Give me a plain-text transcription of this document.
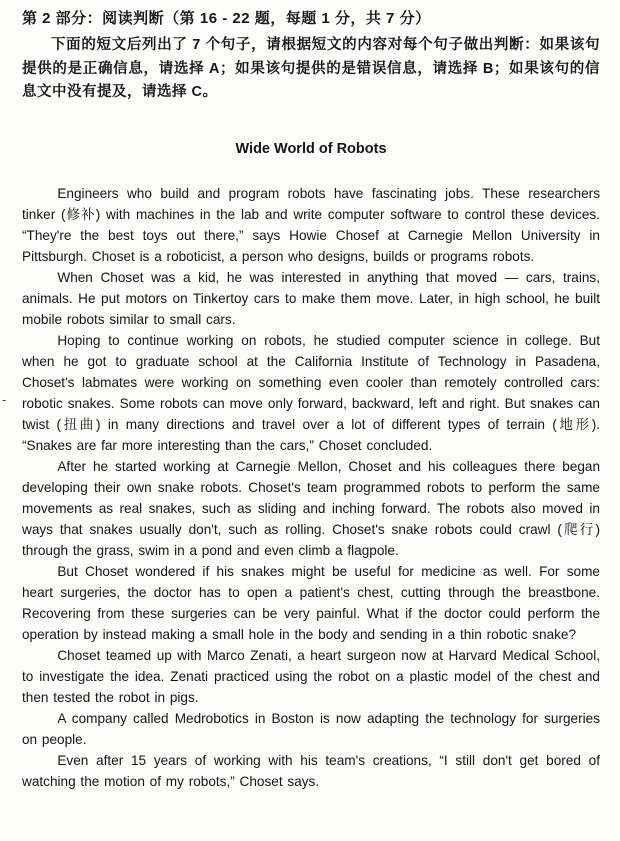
-
第 2 部分：阅读判断（第 16 - 22 题，每题 1 分，共 7 分）
下面的短文后列出了 7 个句子，请根据短文的内容对每个句子做出判断：如果该句提供的是正确信息，请选择 A；如果该句提供的是错误信息，请选择 B；如果该句的信息文中没有提及，请选择 C。
Wide World of Robots

Engineers who build and program robots have fascinating jobs. These researchers tinker (修补) with machines in the lab and write computer software to control these devices. “They're the best toys out there,” says Howie Chosef at Carnegie Mellon University in Pittsburgh. Choset is a roboticist, a person who designs, builds or programs robots.

When Choset was a kid, he was interested in anything that moved — cars, trains, animals. He put motors on Tinkertoy cars to make them move. Later, in high school, he built mobile robots similar to small cars.

Hoping to continue working on robots, he studied computer science in college. But when he got to graduate school at the California Institute of Technology in Pasadena, Choset's labmates were working on something even cooler than remotely controlled cars: robotic snakes. Some robots can move only forward, backward, left and right. But snakes can twist (扭曲) in many directions and travel over a lot of different types of terrain (地形). “Snakes are far more interesting than the cars,” Choset concluded.

After he started working at Carnegie Mellon, Choset and his colleagues there began developing their own snake robots. Choset's team programmed robots to perform the same movements as real snakes, such as sliding and inching forward. The robots also moved in ways that snakes usually don't, such as rolling. Choset's snake robots could crawl (爬行) through the grass, swim in a pond and even climb a flagpole.

But Choset wondered if his snakes might be useful for medicine as well. For some heart surgeries, the doctor has to open a patient's chest, cutting through the breastbone. Recovering from these surgeries can be very painful. What if the doctor could perform the operation by instead making a small hole in the body and sending in a thin robotic snake?

Choset teamed up with Marco Zenati, a heart surgeon now at Harvard Medical School, to investigate the idea. Zenati practiced using the robot on a plastic model of the chest and then tested the robot in pigs.

A company called Medrobotics in Boston is now adapting the technology for surgeries on people.

Even after 15 years of working with his team's creations, “I still don't get bored of watching the motion of my robots,” Choset says.
